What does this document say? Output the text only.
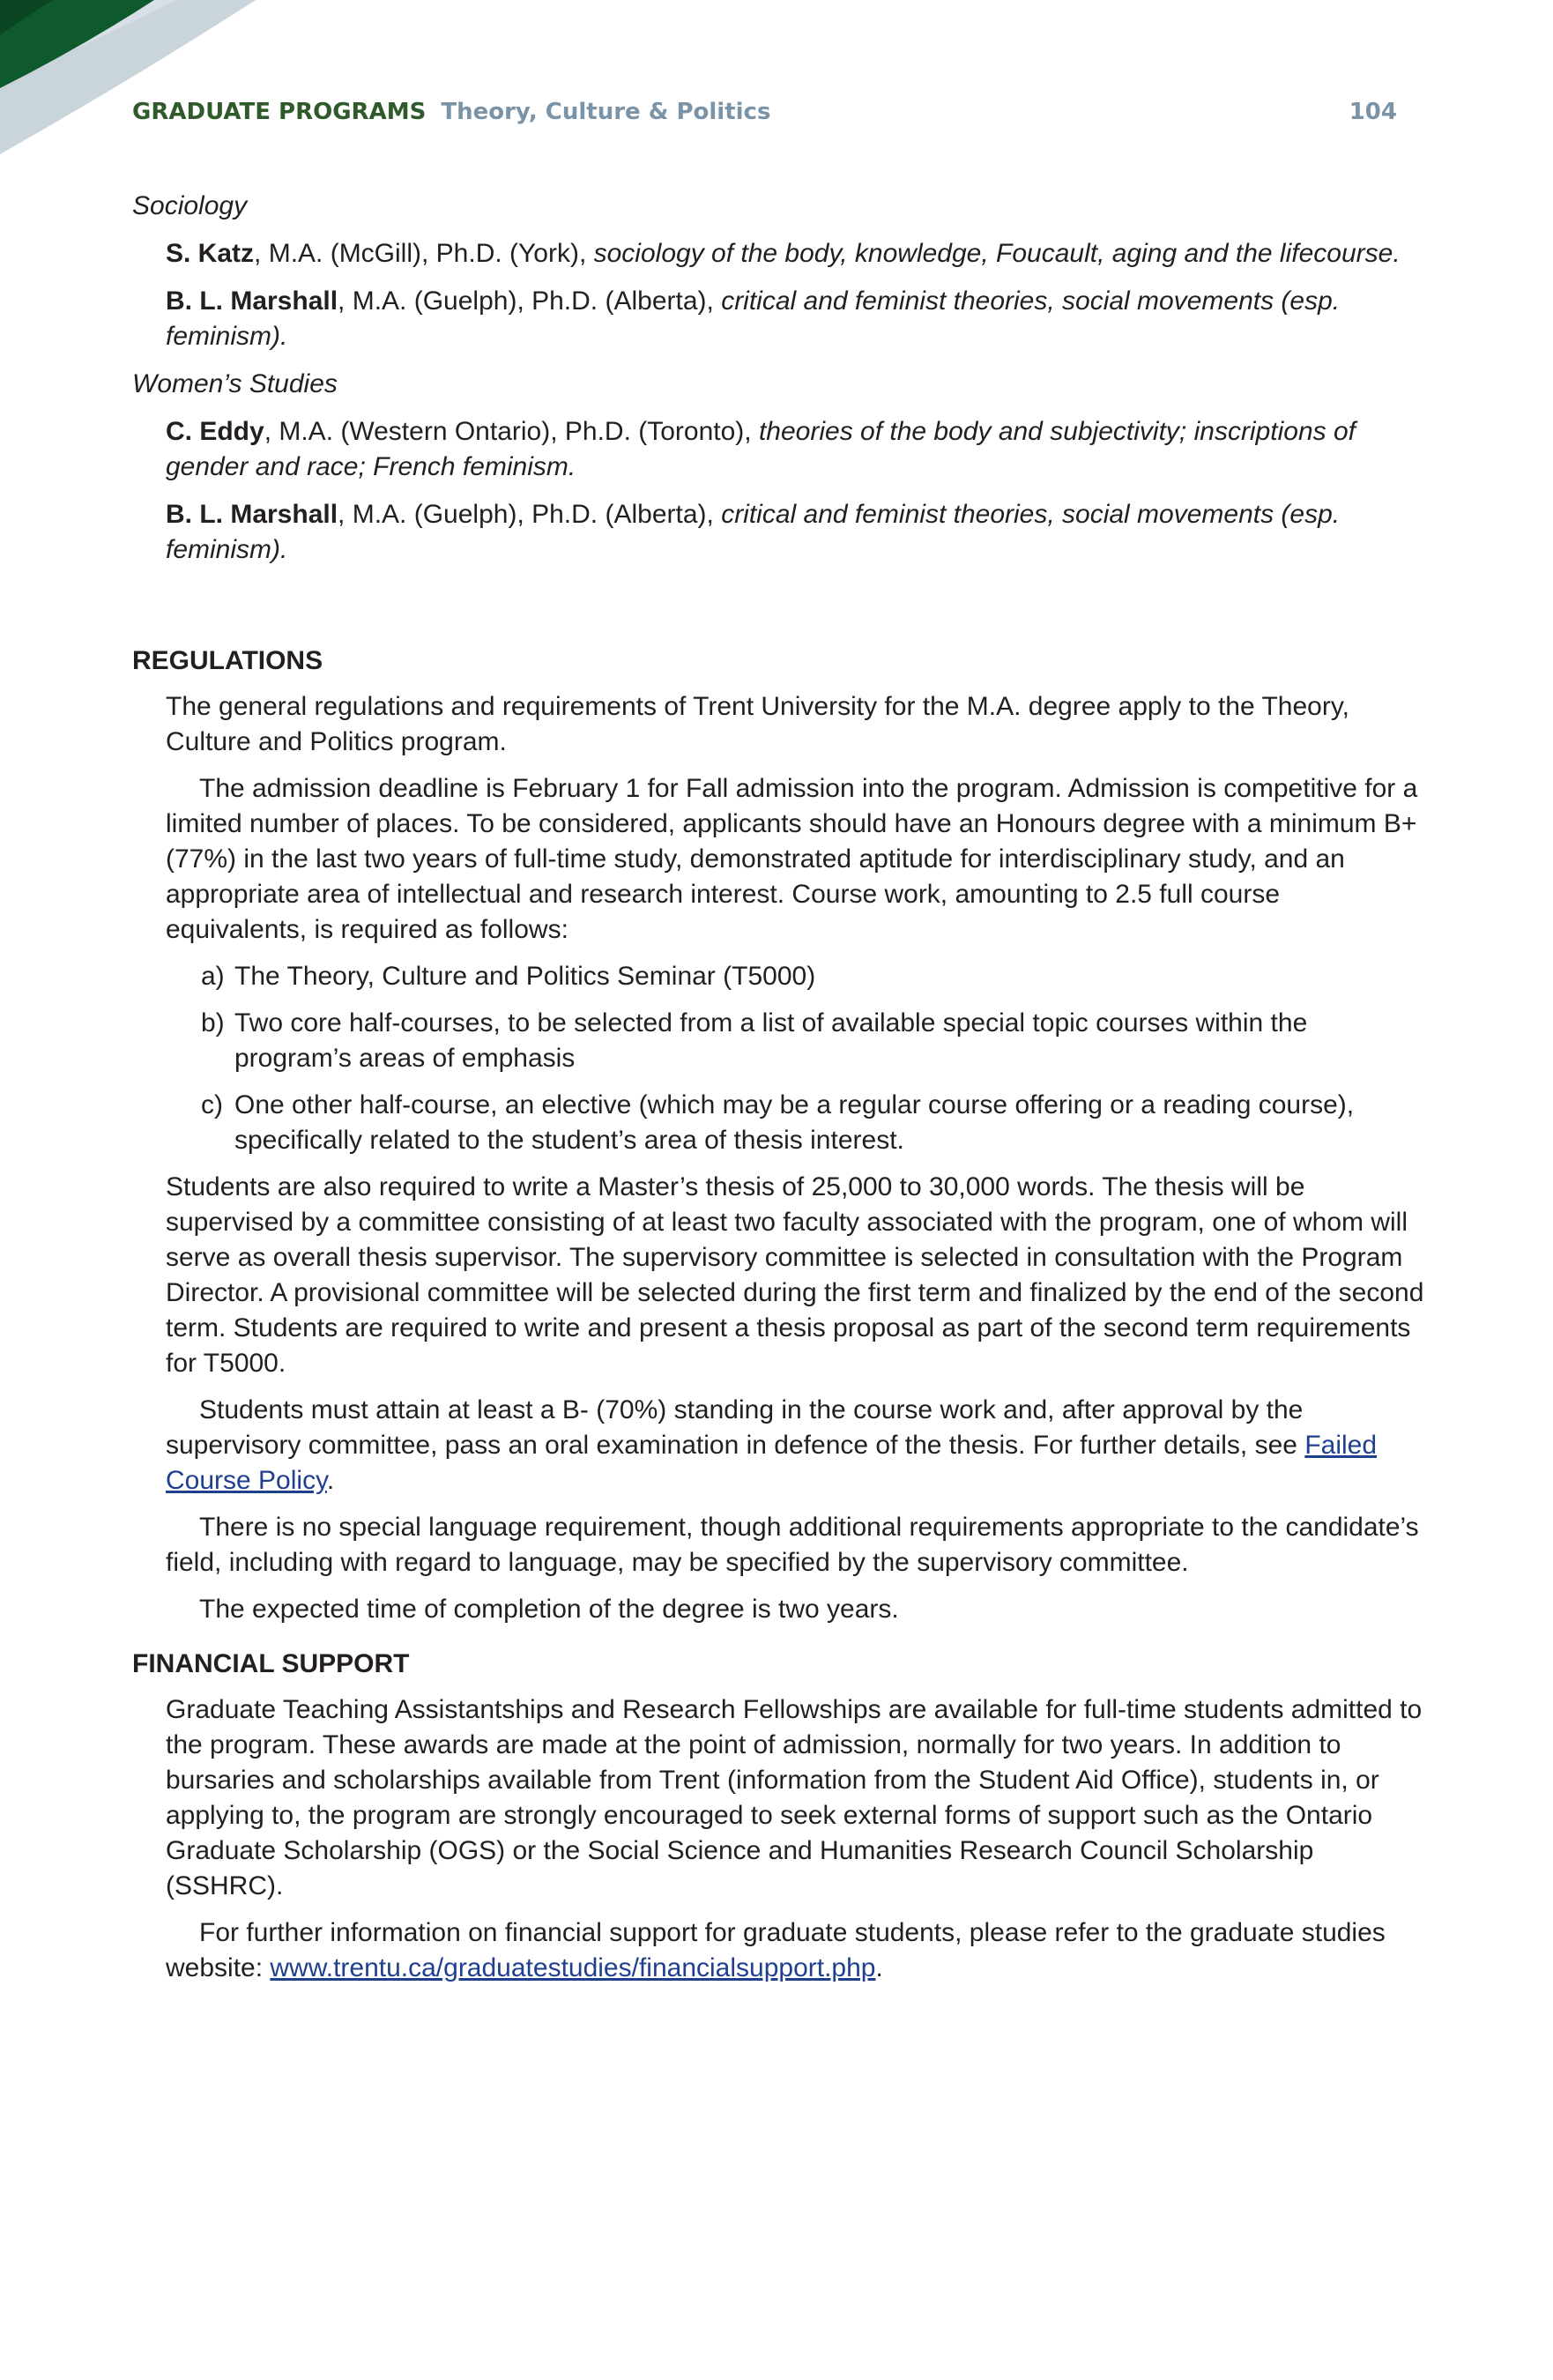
GRADUATE PROGRAMS Theory, Culture & Politics	104

Sociology

S. Katz, M.A. (McGill), Ph.D. (York), sociology of the body, knowledge, Foucault, aging and the lifecourse.
B. L. Marshall, M.A. (Guelph), Ph.D. (Alberta), critical and feminist theories, social movements (esp. feminism).

Women’s Studies

C. Eddy, M.A. (Western Ontario), Ph.D. (Toronto), theories of the body and subjectivity; inscriptions of gender and race; French feminism.
B. L. Marshall, M.A. (Guelph), Ph.D. (Alberta), critical and feminist theories, social movements (esp. feminism).
REGULATIONS

The general regulations and requirements of Trent University for the M.A. degree apply to the Theory, Culture and Politics program.

The admission deadline is February 1 for Fall admission into the program. Admission is competitive for a limited number of places. To be considered, applicants should have an Honours degree with a minimum B+ (77%) in the last two years of full-time study, demonstrated aptitude for interdisciplinary study, and an appropriate area of intellectual and research interest. Course work, amounting to 2.5 full course equivalents, is required as follows:

a) The Theory, Culture and Politics Seminar (T5000)
b) Two core half-courses, to be selected from a list of available special topic courses within the program’s areas of emphasis
c) One other half-course, an elective (which may be a regular course offering or a reading course), specifically related to the student’s area of thesis interest.

Students are also required to write a Master’s thesis of 25,000 to 30,000 words. The thesis will be supervised by a committee consisting of at least two faculty associated with the program, one of whom will serve as overall thesis supervisor. The supervisory committee is selected in consultation with the Program Director. A provisional committee will be selected during the first term and finalized by the end of the second term. Students are required to write and present a thesis proposal as part of the second term requirements for T5000.

Students must attain at least a B- (70%) standing in the course work and, after approval by the supervisory committee, pass an oral examination in defence of the thesis. For further details, see Failed Course Policy.

There is no special language requirement, though additional requirements appropriate to the candidate’s field, including with regard to language, may be specified by the supervisory committee.

The expected time of completion of the degree is two years.

FINANCIAL SUPPORT

Graduate Teaching Assistantships and Research Fellowships are available for full-time students admitted to the program. These awards are made at the point of admission, normally for two years. In addition to bursaries and scholarships available from Trent (information from the Student Aid Office), students in, or applying to, the program are strongly encouraged to seek external forms of support such as the Ontario Graduate Scholarship (OGS) or the Social Science and Humanities Research Council Scholarship (SSHRC).

For further information on financial support for graduate students, please refer to the graduate studies website: www.trentu.ca/graduatestudies/financialsupport.php.
